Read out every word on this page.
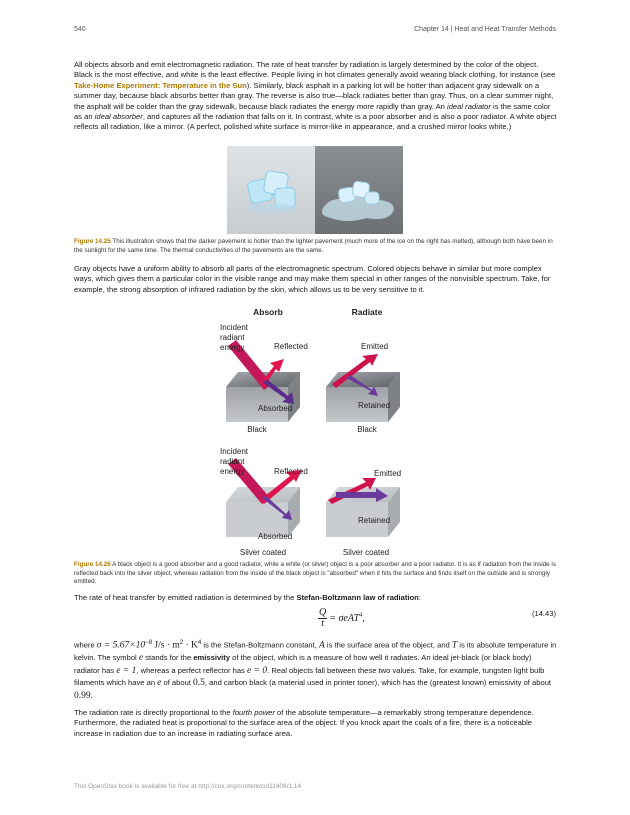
540	Chapter 14 | Heat and Heat Transfer Methods

All objects absorb and emit electromagnetic radiation. The rate of heat transfer by radiation is largely determined by the color of the object. Black is the most effective, and white is the least effective. People living in hot climates generally avoid wearing black clothing, for instance (see Take-Home Experiment: Temperature in the Sun). Similarly, black asphalt in a parking lot will be hotter than adjacent gray sidewalk on a summer day, because black absorbs better than gray. The reverse is also true—black radiates better than gray. Thus, on a clear summer night, the asphalt will be colder than the gray sidewalk, because black radiates the energy more rapidly than gray. An ideal radiator is the same color as an ideal absorber, and captures all the radiation that falls on it. In contrast, white is a poor absorber and is also a poor radiator. A white object reflects all radiation, like a mirror. (A perfect, polished white surface is mirror-like in appearance, and a crushed mirror looks white.)

Figure 14.25 This illustration shows that the darker pavement is hotter than the lighter pavement (much more of the ice on the right has melted), although both have been in the sunlight for the same time. The thermal conductivities of the pavements are the same.

Gray objects have a uniform ability to absorb all parts of the electromagnetic spectrum. Colored objects behave in similar but more complex ways, which gives them a particular color in the visible range and may make them special in other ranges of the nonvisible spectrum. Take, for example, the strong absorption of infrared radiation by the skin, which allows us to be very sensitive to it.

Absorb	Radiate
Incident
radiant
energy	Reflected
Absorbed
Black
Emitted
Retained
Black
Incident
radiant
energy	Reflected
Absorbed
Silver coated
Emitted
Retained
Silver coated

Figure 14.26 A black object is a good absorber and a good radiator, while a white (or silver) object is a poor absorber and a poor radiator. It is as if radiation from the inside is reflected back into the silver object, whereas radiation from the inside of the black object is "absorbed" when it hits the surface and finds itself on the outside and is strongly emitted.

The rate of heat transfer by emitted radiation is determined by the Stefan-Boltzmann law of radiation:

$\frac{Q}{t} = \sigma eAT^4$,	(14.43)

where $\sigma = 5.67\times 10^{-8}$ $J/s \cdot m^2 \cdot K^4$ is the Stefan-Boltzmann constant, A is the surface area of the object, and T is its absolute temperature in kelvin. The symbol e stands for the emissivity of the object, which is a measure of how well it radiates. An ideal jet-black (or black body) radiator has e = 1, whereas a perfect reflector has e = 0. Real objects fall between these two values. Take, for example, tungsten light bulb filaments which have an e of about 0.5, and carbon black (a material used in printer toner), which has the (greatest known) emissivity of about 0.99.

The radiation rate is directly proportional to the fourth power of the absolute temperature—a remarkably strong temperature dependence. Furthermore, the radiated heat is proportional to the surface area of the object. If you knock apart the coals of a fire, there is a noticeable increase in radiation due to an increase in radiating surface area.

This OpenStax book is available for free at http://cnx.org/content/col11406/1.14
